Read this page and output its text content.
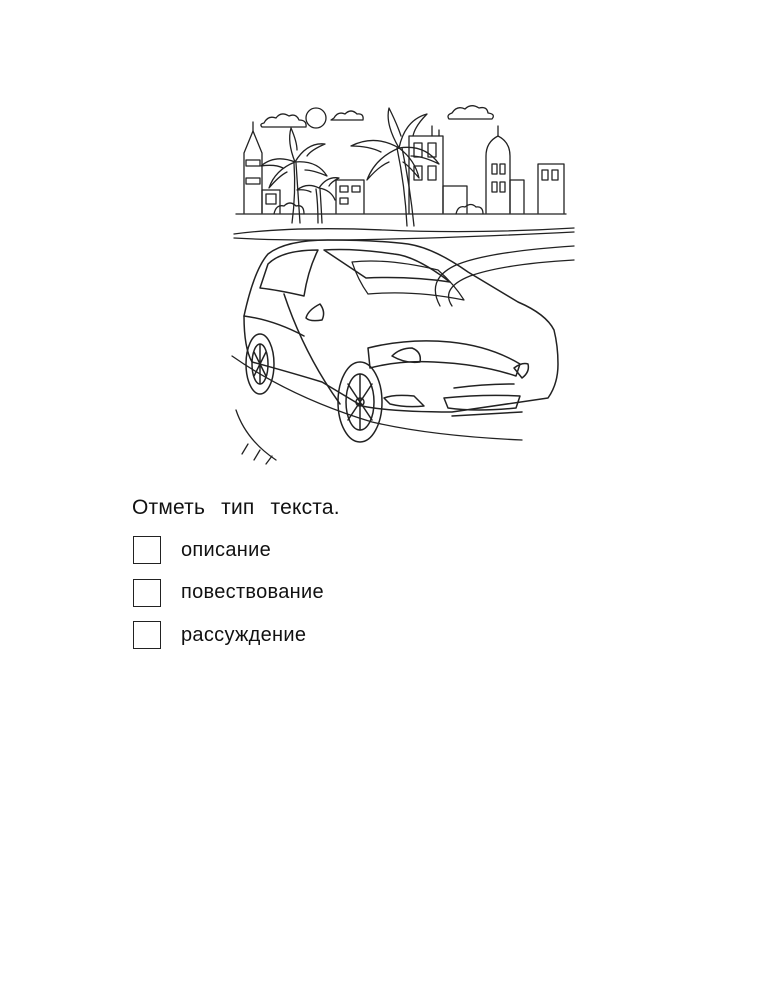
Отметь тип текста.
описание
повествование
рассуждение
